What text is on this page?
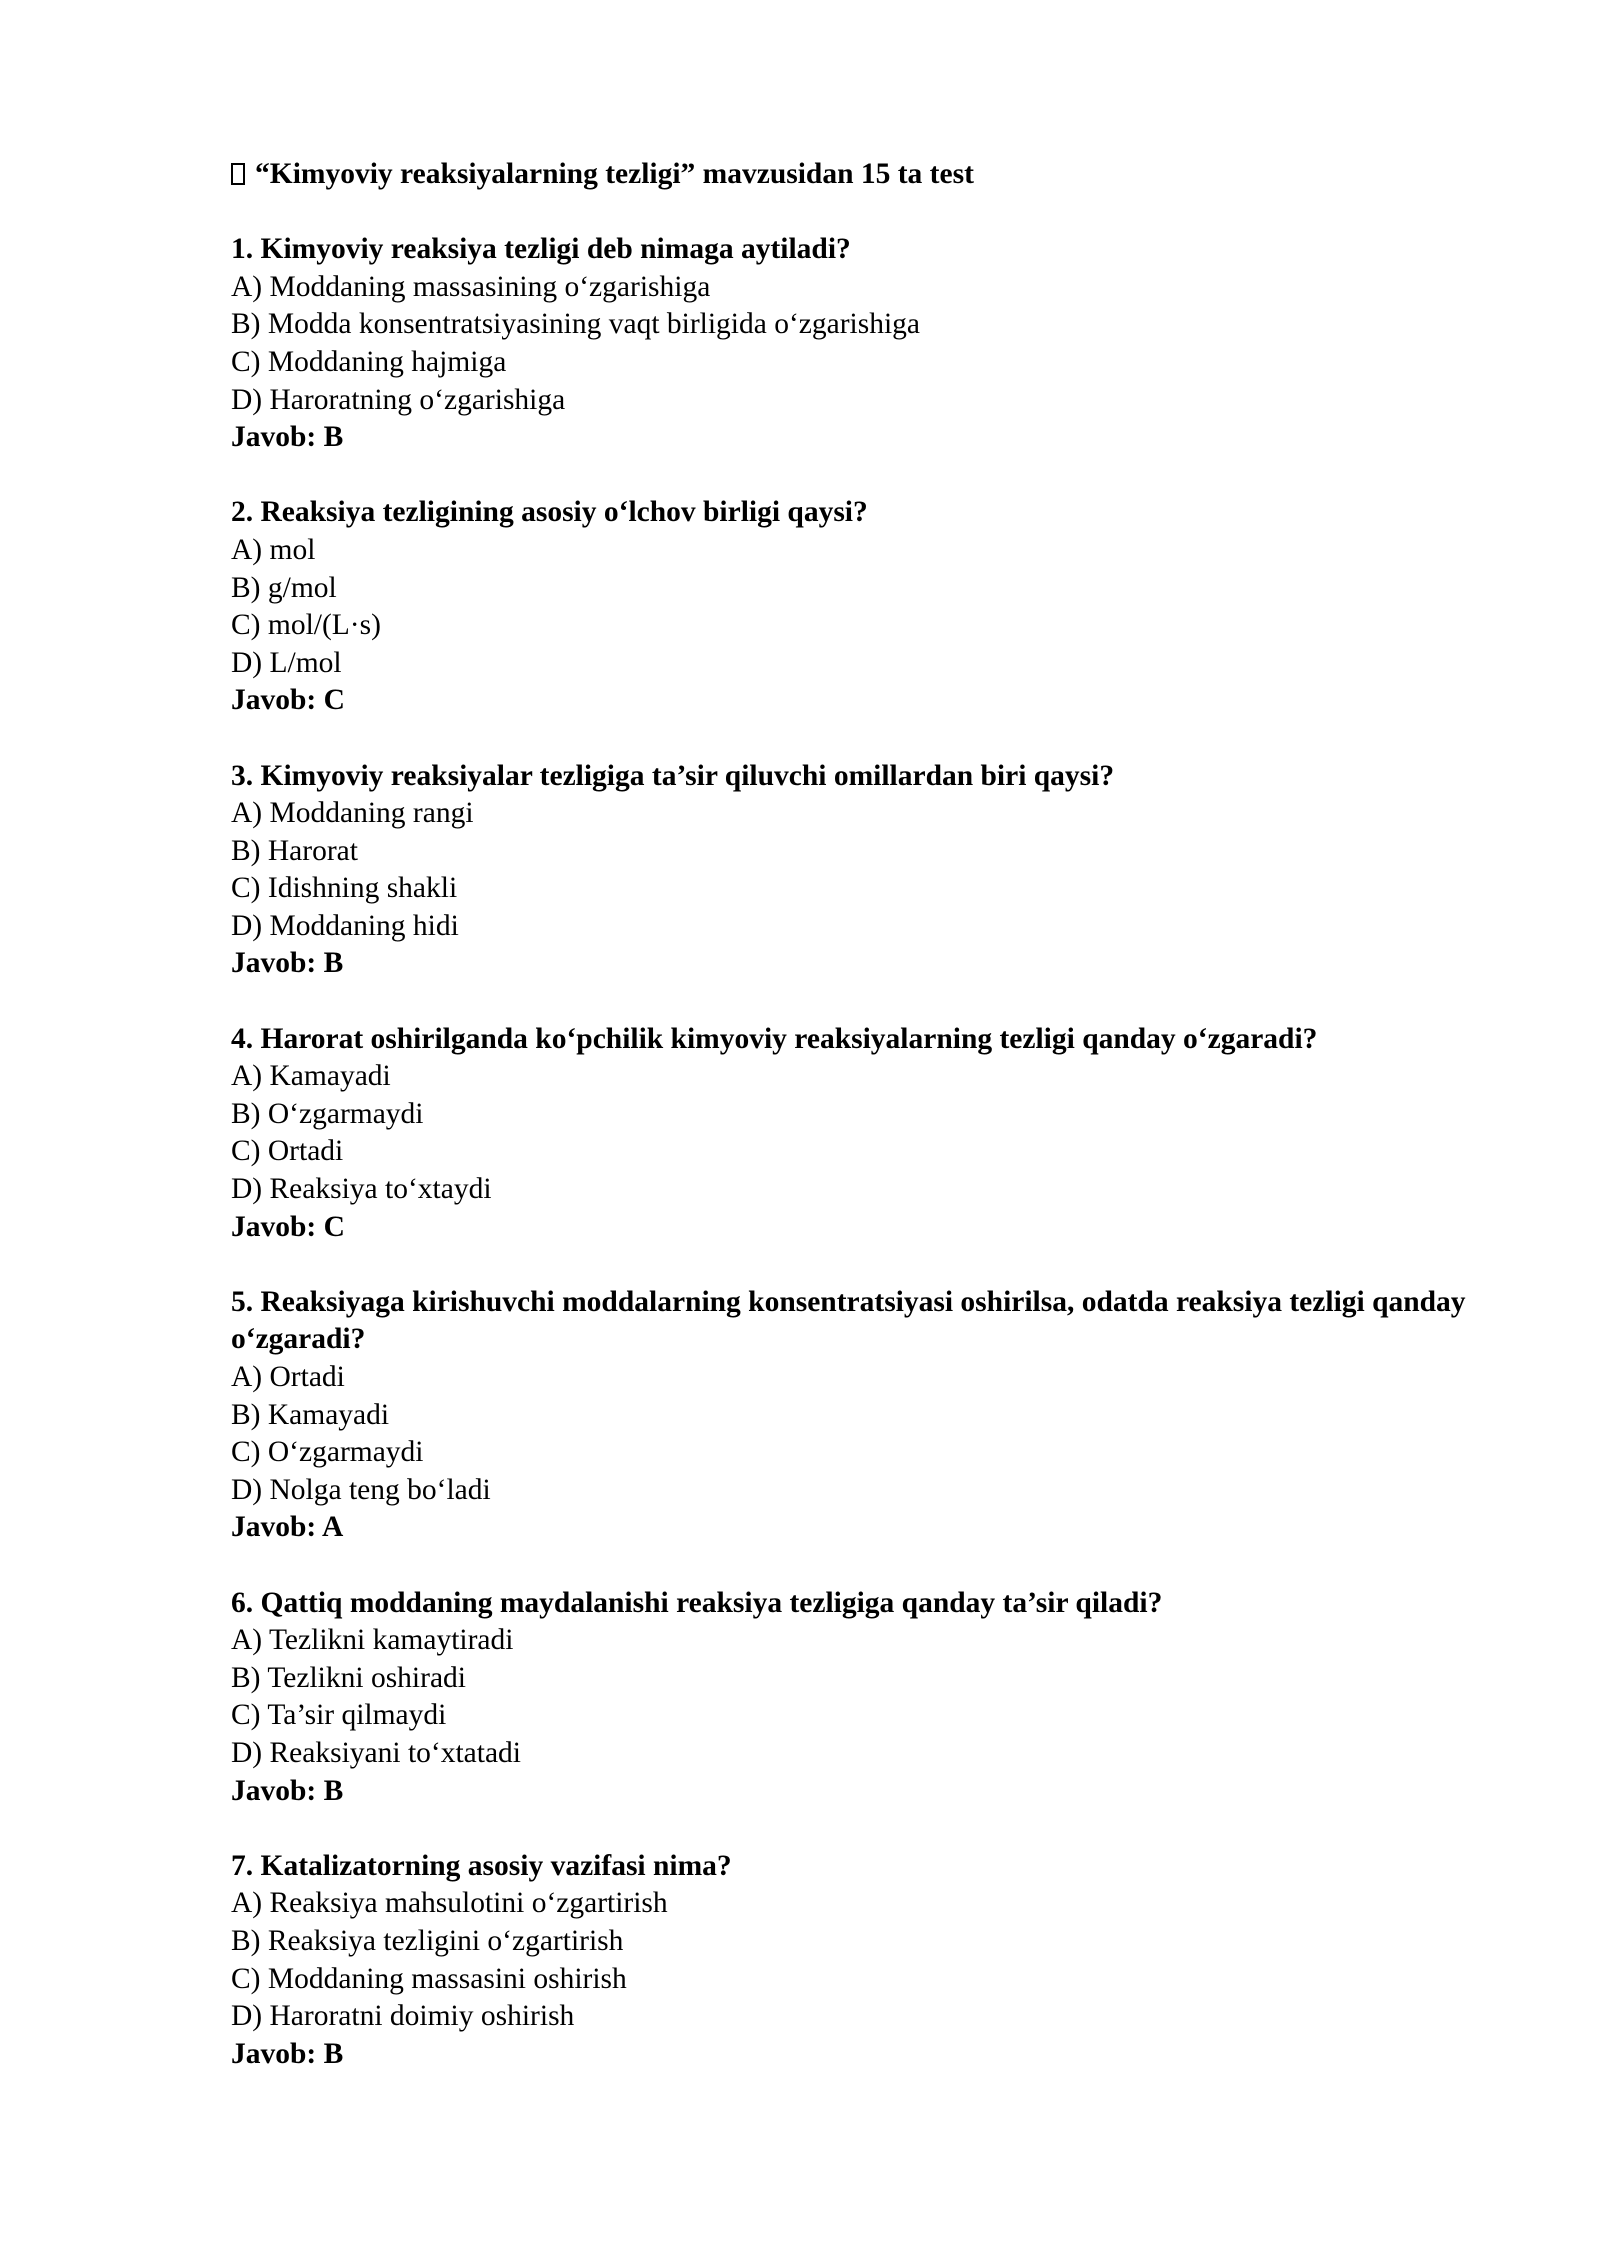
“Kimyoviy reaksiyalarning tezligi” mavzusidan 15 ta test
1. Kimyoviy reaksiya tezligi deb nimaga aytiladi?
A) Moddaning massasining o‘zgarishiga
B) Modda konsentratsiyasining vaqt birligida o‘zgarishiga
C) Moddaning hajmiga
D) Haroratning o‘zgarishiga
Javob: B
2. Reaksiya tezligining asosiy o‘lchov birligi qaysi?
A) mol
B) g/mol
C) mol/(L·s)
D) L/mol
Javob: C
3. Kimyoviy reaksiyalar tezligiga ta’sir qiluvchi omillardan biri qaysi?
A) Moddaning rangi
B) Harorat
C) Idishning shakli
D) Moddaning hidi
Javob: B
4. Harorat oshirilganda ko‘pchilik kimyoviy reaksiyalarning tezligi qanday o‘zgaradi?
A) Kamayadi
B) O‘zgarmaydi
C) Ortadi
D) Reaksiya to‘xtaydi
Javob: C
5. Reaksiyaga kirishuvchi moddalarning konsentratsiyasi oshirilsa, odatda reaksiya tezligi qanday o‘zgaradi?
A) Ortadi
B) Kamayadi
C) O‘zgarmaydi
D) Nolga teng bo‘ladi
Javob: A
6. Qattiq moddaning maydalanishi reaksiya tezligiga qanday ta’sir qiladi?
A) Tezlikni kamaytiradi
B) Tezlikni oshiradi
C) Ta’sir qilmaydi
D) Reaksiyani to‘xtatadi
Javob: B
7. Katalizatorning asosiy vazifasi nima?
A) Reaksiya mahsulotini o‘zgartirish
B) Reaksiya tezligini o‘zgartirish
C) Moddaning massasini oshirish
D) Haroratni doimiy oshirish
Javob: B
